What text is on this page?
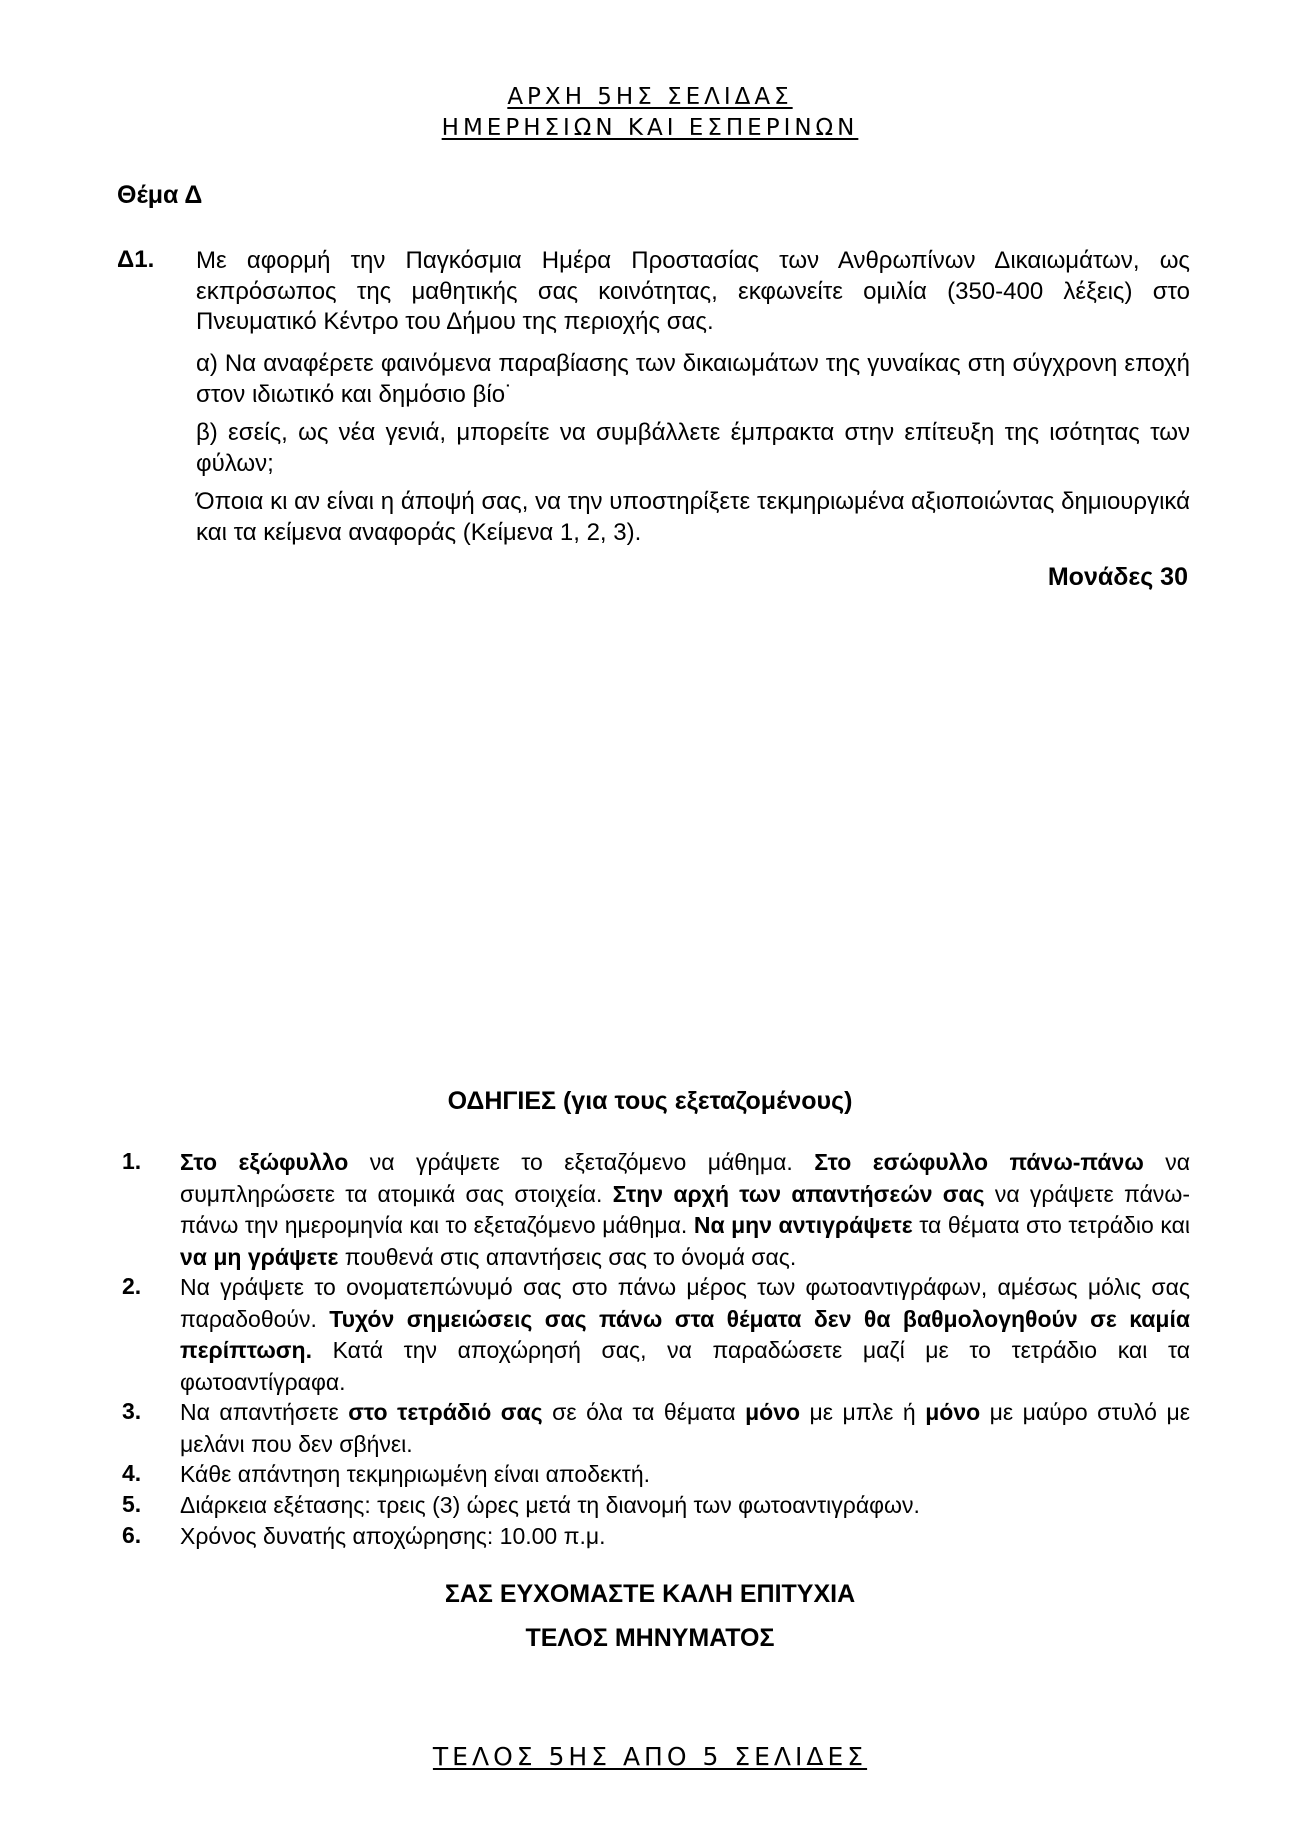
ΑΡΧΗ 5ΗΣ ΣΕΛΙΔΑΣ
ΗΜΕΡΗΣΙΩΝ ΚΑΙ ΕΣΠΕΡΙΝΩΝ
Θέμα Δ
Δ1. Με αφορμή την Παγκόσμια Ημέρα Προστασίας των Ανθρωπίνων Δικαιωμάτων, ως εκπρόσωπος της μαθητικής σας κοινότητας, εκφωνείτε ομιλία (350-400 λέξεις) στο Πνευματικό Κέντρο του Δήμου της περιοχής σας.
α) Να αναφέρετε φαινόμενα παραβίασης των δικαιωμάτων της γυναίκας στη σύγχρονη εποχή στον ιδιωτικό και δημόσιο βίο˙
β) εσείς, ως νέα γενιά, μπορείτε να συμβάλλετε έμπρακτα στην επίτευξη της ισότητας των φύλων;
Όποια κι αν είναι η άποψή σας, να την υποστηρίξετε τεκμηριωμένα αξιοποιώντας δημιουργικά και τα κείμενα αναφοράς (Κείμενα 1, 2, 3).
Μονάδες 30
ΟΔΗΓΙΕΣ (για τους εξεταζομένους)
1. Στο εξώφυλλο να γράψετε το εξεταζόμενο μάθημα. Στο εσώφυλλο πάνω-πάνω να συμπληρώσετε τα ατομικά σας στοιχεία. Στην αρχή των απαντήσεών σας να γράψετε πάνω-πάνω την ημερομηνία και το εξεταζόμενο μάθημα. Να μην αντιγράψετε τα θέματα στο τετράδιο και να μη γράψετε πουθενά στις απαντήσεις σας το όνομά σας.
2. Να γράψετε το ονοματεπώνυμό σας στο πάνω μέρος των φωτοαντιγράφων, αμέσως μόλις σας παραδοθούν. Τυχόν σημειώσεις σας πάνω στα θέματα δεν θα βαθμολογηθούν σε καμία περίπτωση. Κατά την αποχώρησή σας, να παραδώσετε μαζί με το τετράδιο και τα φωτοαντίγραφα.
3. Να απαντήσετε στο τετράδιό σας σε όλα τα θέματα μόνο με μπλε ή μόνο με μαύρο στυλό με μελάνι που δεν σβήνει.
4. Κάθε απάντηση τεκμηριωμένη είναι αποδεκτή.
5. Διάρκεια εξέτασης: τρεις (3) ώρες μετά τη διανομή των φωτοαντιγράφων.
6. Χρόνος δυνατής αποχώρησης: 10.00 π.μ.
ΣΑΣ ΕΥΧΟΜΑΣΤΕ ΚΑΛΗ ΕΠΙΤΥΧΙΑ
ΤΕΛΟΣ ΜΗΝΥΜΑΤΟΣ
ΤΕΛΟΣ 5ΗΣ ΑΠΟ 5 ΣΕΛΙΔΕΣ
